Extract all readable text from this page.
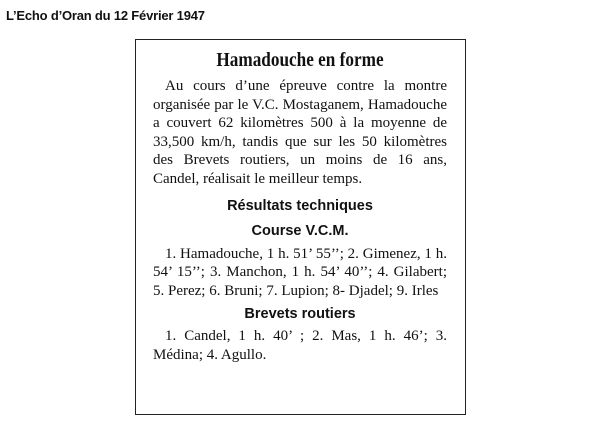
L’Echo d’Oran du 12 Février 1947
Hamadouche en forme

Au cours d’une épreuve contre la montre organisée par le V.C. Mostaganem, Hamadouche a couvert 62 kilomètres 500 à la moyenne de 33,500 km/h, tandis que sur les 50 kilomètres des Brevets routiers, un moins de 16 ans, Candel, réalisait le meilleur temps.

Résultats techniques
Course V.C.M.

1. Hamadouche, 1 h. 51’ 55’’; 2. Gimenez, 1 h. 54’ 15’’; 3. Manchon, 1 h. 54’ 40’’; 4. Gilabert; 5. Perez; 6. Bruni; 7. Lupion; 8- Djadel; 9. Irles

Brevets routiers

1. Candel, 1 h. 40’ ; 2. Mas, 1 h. 46’; 3. Médina; 4. Agullo.
